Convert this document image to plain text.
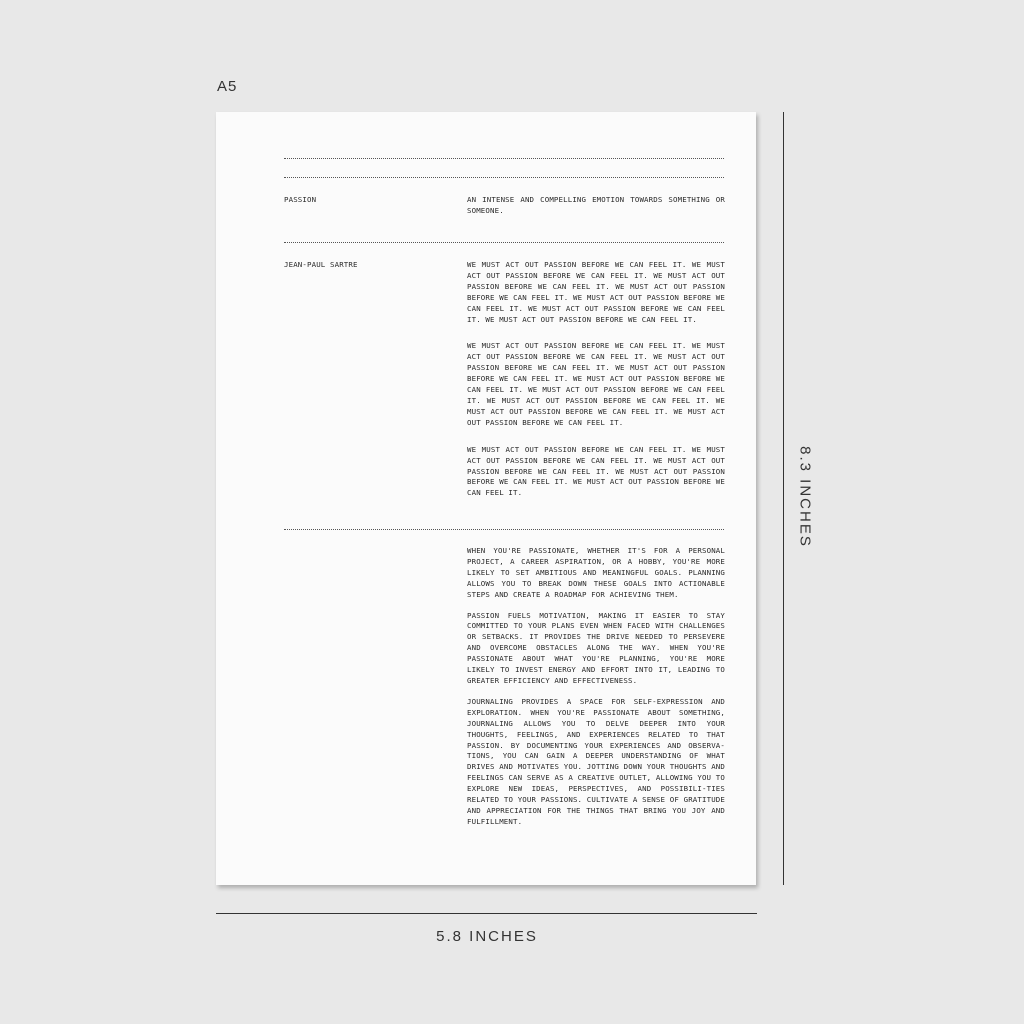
A5
PASSION	AN INTENSE AND COMPELLING EMOTION TOWARDS SOMETHING OR SOMEONE.
JEAN-PAUL SARTRE	WE MUST ACT OUT PASSION BEFORE WE CAN FEEL IT. WE MUST ACT OUT PASSION BEFORE WE CAN FEEL IT. WE MUST ACT OUT PASSION BEFORE WE CAN FEEL IT. WE MUST ACT OUT PASSION BEFORE WE CAN FEEL IT. WE MUST ACT OUT PASSION BEFORE WE CAN FEEL IT. WE MUST ACT OUT PASSION BEFORE WE CAN FEEL IT. WE MUST ACT OUT PASSION BEFORE WE CAN FEEL IT.

WE MUST ACT OUT PASSION BEFORE WE CAN FEEL IT. WE MUST ACT OUT PASSION BEFORE WE CAN FEEL IT. WE MUST ACT OUT PASSION BEFORE WE CAN FEEL IT. WE MUST ACT OUT PASSION BEFORE WE CAN FEEL IT. WE MUST ACT OUT PASSION BEFORE WE CAN FEEL IT. WE MUST ACT OUT PASSION BEFORE WE CAN FEEL IT. WE MUST ACT OUT PASSION BEFORE WE CAN FEEL IT. WE MUST ACT OUT PASSION BEFORE WE CAN FEEL IT. WE MUST ACT OUT PASSION BEFORE WE CAN FEEL IT.

WE MUST ACT OUT PASSION BEFORE WE CAN FEEL IT. WE MUST ACT OUT PASSION BEFORE WE CAN FEEL IT. WE MUST ACT OUT PASSION BEFORE WE CAN FEEL IT. WE MUST ACT OUT PASSION BEFORE WE CAN FEEL IT. WE MUST ACT OUT PASSION BEFORE WE CAN FEEL IT.

WHEN YOU'RE PASSIONATE, WHETHER IT'S FOR A PERSONAL PROJECT, A CAREER ASPIRATION, OR A HOBBY, YOU'RE MORE LIKELY TO SET AMBITIOUS AND MEANINGFUL GOALS. PLANNING ALLOWS YOU TO BREAK DOWN THESE GOALS INTO ACTIONABLE STEPS AND CREATE A ROADMAP FOR ACHIEVING THEM.

PASSION FUELS MOTIVATION, MAKING IT EASIER TO STAY COMMITTED TO YOUR PLANS EVEN WHEN FACED WITH CHALLENGES OR SETBACKS. IT PROVIDES THE DRIVE NEEDED TO PERSEVERE AND OVERCOME OBSTACLES ALONG THE WAY. WHEN YOU'RE PASSIONATE ABOUT WHAT YOU'RE PLANNING, YOU'RE MORE LIKELY TO INVEST ENERGY AND EFFORT INTO IT, LEADING TO GREATER EFFICIENCY AND EFFECTIVENESS.

JOURNALING PROVIDES A SPACE FOR SELF-EXPRESSION AND EXPLORATION. WHEN YOU'RE PASSIONATE ABOUT SOMETHING, JOURNALING ALLOWS YOU TO DELVE DEEPER INTO YOUR THOUGHTS, FEELINGS, AND EXPERIENCES RELATED TO THAT PASSION. BY DOCUMENTING YOUR EXPERIENCES AND OBSERVA-TIONS, YOU CAN GAIN A DEEPER UNDERSTANDING OF WHAT DRIVES AND MOTIVATES YOU. JOTTING DOWN YOUR THOUGHTS AND FEELINGS CAN SERVE AS A CREATIVE OUTLET, ALLOWING YOU TO EXPLORE NEW IDEAS, PERSPECTIVES, AND POSSIBILI-TIES RELATED TO YOUR PASSIONS. CULTIVATE A SENSE OF GRATITUDE AND APPRECIATION FOR THE THINGS THAT BRING YOU JOY AND FULFILLMENT.

8.3 INCHES
5.8 INCHES
